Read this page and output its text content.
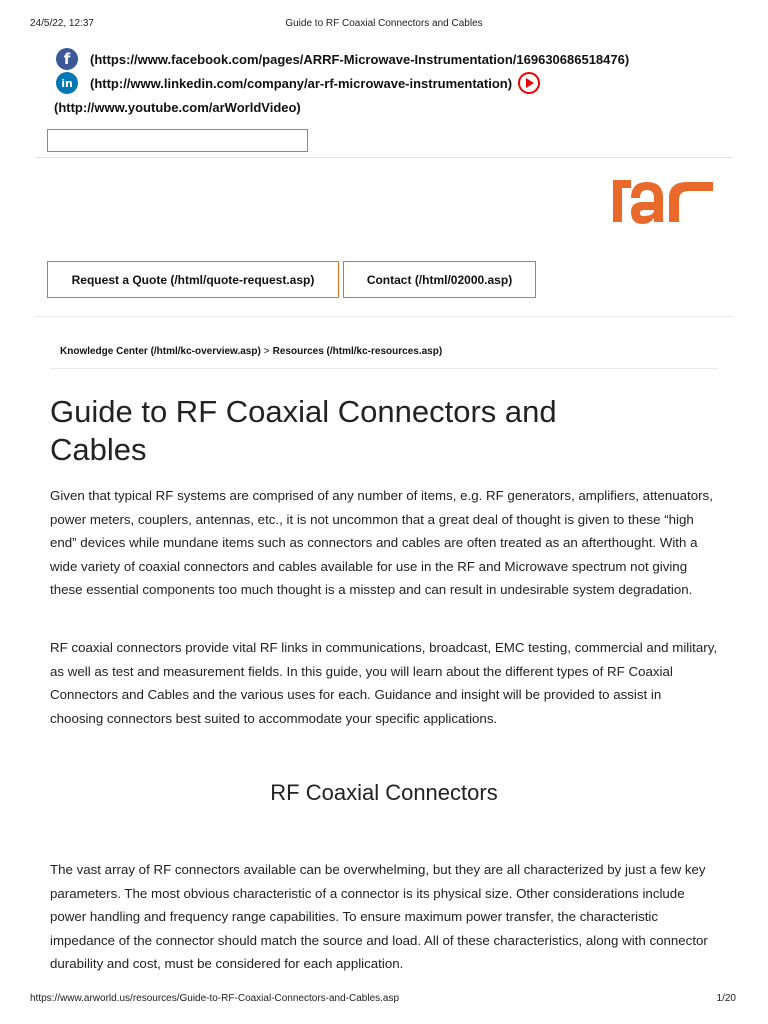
24/5/22, 12:37	Guide to RF Coaxial Connectors and Cables
f	(https://www.facebook.com/pages/ARRF-Microwave-Instrumentation/169630686518476)
in	(http://www.linkedin.com/company/ar-rf-microwave-instrumentation)
(http://www.youtube.com/arWorldVideo)
Request a Quote (/html/quote-request.asp)	Contact (/html/02000.asp)
Knowledge Center (/html/kc-overview.asp) > Resources (/html/kc-resources.asp)
Guide to RF Coaxial Connectors and Cables

Given that typical RF systems are comprised of any number of items, e.g. RF generators, amplifiers, attenuators, power meters, couplers, antennas, etc., it is not uncommon that a great deal of thought is given to these “high end” devices while mundane items such as connectors and cables are often treated as an afterthought. With a wide variety of coaxial connectors and cables available for use in the RF and Microwave spectrum not giving these essential components too much thought is a misstep and can result in undesirable system degradation.

RF coaxial connectors provide vital RF links in communications, broadcast, EMC testing, commercial and military, as well as test and measurement fields. In this guide, you will learn about the different types of RF Coaxial Connectors and Cables and the various uses for each. Guidance and insight will be provided to assist in choosing connectors best suited to accommodate your specific applications.

RF Coaxial Connectors

The vast array of RF connectors available can be overwhelming, but they are all characterized by just a few key parameters. The most obvious characteristic of a connector is its physical size. Other considerations include power handling and frequency range capabilities. To ensure maximum power transfer, the characteristic impedance of the connector should match the source and load. All of these characteristics, along with connector durability and cost, must be considered for each application.

https://www.arworld.us/resources/Guide-to-RF-Coaxial-Connectors-and-Cables.asp	1/20
